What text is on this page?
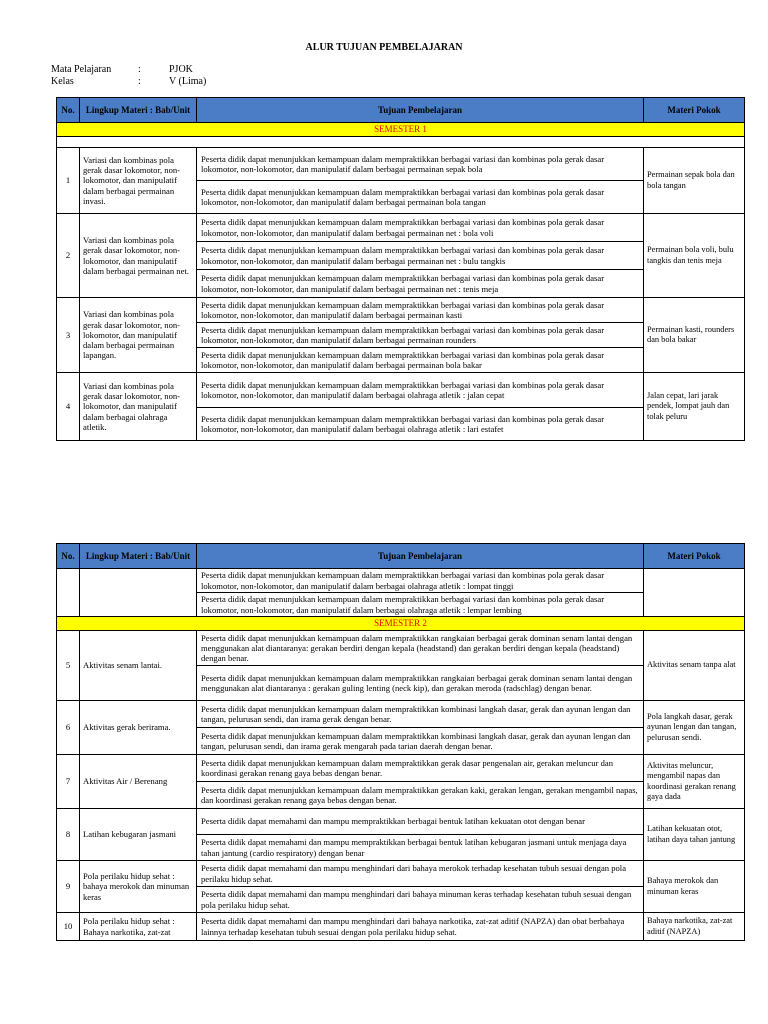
ALUR TUJUAN PEMBELAJARAN
Mata Pelajaran	:	PJOK
Kelas	:	V (Lima)
No.	Lingkup Materi : Bab/Unit	Tujuan Pembelajaran	Materi Pokok
SEMESTER 1			

1	Variasi dan kombinas pola gerak dasar lokomotor, non-lokomotor, dan manipulatif dalam berbagai permainan invasi.	Peserta didik dapat menunjukkan kemampuan dalam mempraktikkan berbagai variasi dan kombinas pola gerak dasar lokomotor, non-lokomotor, dan manipulatif dalam berbagai permainan sepak bola	Permainan sepak bola dan bola tangan
		Peserta didik dapat menunjukkan kemampuan dalam mempraktikkan berbagai variasi dan kombinas pola gerak dasar lokomotor, non-lokomotor, dan manipulatif dalam berbagai permainan bola tangan	
2	Variasi dan kombinas pola gerak dasar lokomotor, non-lokomotor, dan manipulatif dalam berbagai permainan net.	Peserta didik dapat menunjukkan kemampuan dalam mempraktikkan berbagai variasi dan kombinas pola gerak dasar lokomotor, non-lokomotor, dan manipulatif dalam berbagai permainan net : bola voli	Permainan bola voli, bulu tangkis dan tenis meja
		Peserta didik dapat menunjukkan kemampuan dalam mempraktikkan berbagai variasi dan kombinas pola gerak dasar lokomotor, non-lokomotor, dan manipulatif dalam berbagai permainan net : bulu tangkis	
		Peserta didik dapat menunjukkan kemampuan dalam mempraktikkan berbagai variasi dan kombinas pola gerak dasar lokomotor, non-lokomotor, dan manipulatif dalam berbagai permainan net : tenis meja	
3	Variasi dan kombinas pola gerak dasar lokomotor, non- lokomotor, dan manipulatif dalam berbagai permainan lapangan.	Peserta didik dapat menunjukkan kemampuan dalam mempraktikkan berbagai variasi dan kombinas pola gerak dasar lokomotor, non-lokomotor, dan manipulatif dalam berbagai permainan kasti	Permainan kasti, rounders dan bola bakar
		Peserta didik dapat menunjukkan kemampuan dalam mempraktikkan berbagai variasi dan kombinas pola gerak dasar lokomotor, non-lokomotor, dan manipulatif dalam berbagai permainan rounders	
		Peserta didik dapat menunjukkan kemampuan dalam mempraktikkan berbagai variasi dan kombinas pola gerak dasar lokomotor, non-lokomotor, dan manipulatif dalam berbagai permainan bola bakar	
4	Variasi dan kombinas pola gerak dasar lokomotor, non- lokomotor, dan manipulatif dalam berbagai olahraga atletik.	Peserta didik dapat menunjukkan kemampuan dalam mempraktikkan berbagai variasi dan kombinas pola gerak dasar lokomotor, non-lokomotor, dan manipulatif dalam berbagai olahraga atletik : jalan cepat	Jalan cepat, lari jarak pendek, lompat jauh dan tolak peluru
		Peserta didik dapat menunjukkan kemampuan dalam mempraktikkan berbagai variasi dan kombinas pola gerak dasar lokomotor, non-lokomotor, dan manipulatif dalam berbagai olahraga atletik : lari estafet	
No.	Lingkup Materi : Bab/Unit	Tujuan Pembelajaran	Materi Pokok
		Peserta didik dapat menunjukkan kemampuan dalam mempraktikkan berbagai variasi dan kombinas pola gerak dasar lokomotor, non-lokomotor, dan manipulatif dalam berbagai olahraga atletik : lompat tinggi	
		Peserta didik dapat menunjukkan kemampuan dalam mempraktikkan berbagai variasi dan kombinas pola gerak dasar lokomotor, non-lokomotor, dan manipulatif dalam berbagai olahraga atletik : lempar lembing	
SEMESTER 2			
5	Aktivitas senam lantai.	Peserta didik dapat menunjukkan kemampuan dalam mempraktikkan rangkaian berbagai gerak dominan senam lantai dengan menggunakan alat diantaranya: gerakan berdiri dengan kepala (headstand) dan gerakan berdiri dengan kepala (headstand) dengan benar.	Aktivitas senam tanpa alat
		Peserta didik dapat menunjukkan kemampuan dalam mempraktikkan rangkaian berbagai gerak dominan senam lantai dengan menggunakan alat diantaranya : gerakan guling lenting (neck kip), dan gerakan meroda (radschlag) dengan benar.	
6	Aktivitas gerak berirama.	Peserta didik dapat menunjukkan kemampuan dalam mempraktikkan kombinasi langkah dasar, gerak dan ayunan lengan dan tangan, pelurusan sendi, dan irama gerak dengan benar.	Pola langkah dasar, gerak ayunan lengan dan tangan, pelurusan sendi.
		Peserta didik dapat menunjukkan kemampuan dalam mempraktikkan kombinasi langkah dasar, gerak dan ayunan lengan dan tangan, pelurusan sendi, dan irama gerak mengarah pada tarian daerah dengan benar.	
7	Aktivitas Air / Berenang	Peserta didik dapat menunjukkan kemampuan dalam mempraktikkan gerak dasar pengenalan air, gerakan meluncur dan koordinasi gerakan renang gaya bebas dengan benar.	Aktivitas meluncur, mengambil napas dan koordinasi gerakan renang gaya dada
		Peserta didik dapat menunjukkan kemampuan dalam mempraktikkan gerakan kaki, gerakan lengan, gerakan mengambil napas, dan koordinasi gerakan renang gaya bebas dengan benar.	
8	Latihan kebugaran jasmani	Peserta didik dapat memahami dan mampu mempraktikkan berbagai bentuk latihan kekuatan otot dengan benar	Latihan kekuatan otot, latihan daya tahan jantung
		Peserta didik dapat memahami dan mampu mempraktikkan berbagai bentuk latihan kebugaran jasmani untuk menjaga daya tahan jantung (cardio respiratory) dengan benar	
9	Pola perilaku hidup sehat : bahaya merokok dan minuman keras	Peserta didik dapat memahami dan mampu menghindari dari bahaya merokok terhadap kesehatan tubuh sesuai dengan pola perilaku hidup sehat.	Bahaya merokok dan minuman keras
		Peserta didik dapat memahami dan mampu menghindari dari bahaya minuman keras terhadap kesehatan tubuh sesuai dengan pola perilaku hidup sehat.	
10	Pola perilaku hidup sehat : Bahaya narkotika, zat-zat	Peserta didik dapat memahami dan mampu menghindari dari bahaya narkotika, zat-zat aditif (NAPZA) dan obat berbahaya lainnya terhadap kesehatan tubuh sesuai dengan pola perilaku hidup sehat.	Bahaya narkotika, zat-zat aditif (NAPZA)
